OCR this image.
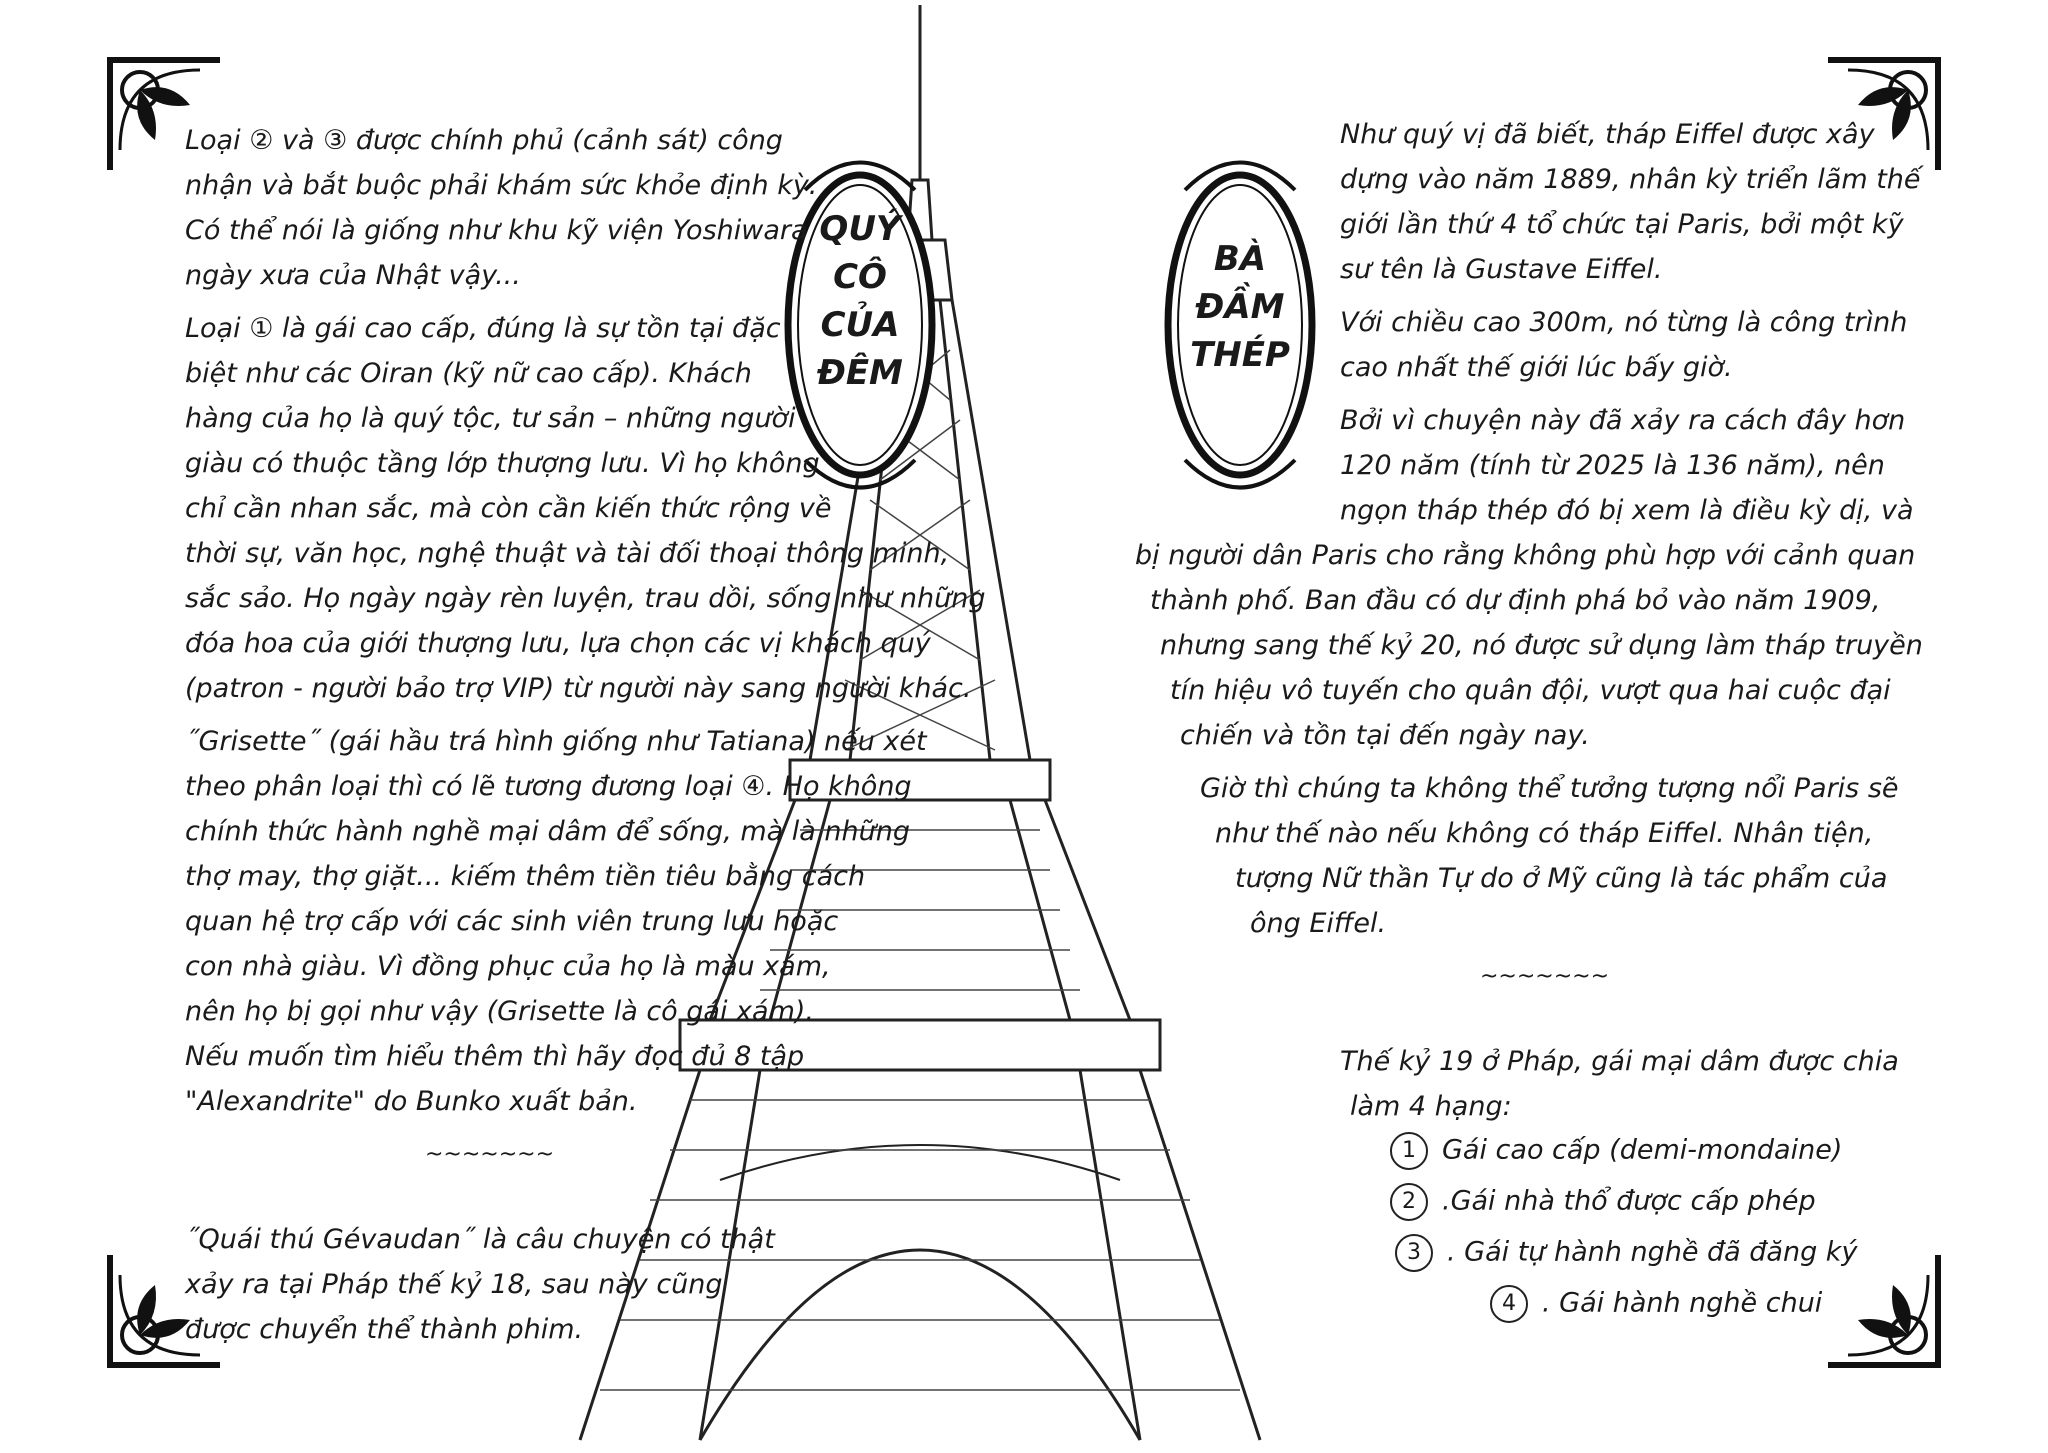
QUÝ
CÔ
CỦA
ĐÊM
BÀ
ĐẦM
THÉP

Loại ② và ③ được chính phủ (cảnh sát) công
nhận và bắt buộc phải khám sức khỏe định kỳ.
Có thể nói là giống như khu kỹ viện Yoshiwara
ngày xưa của Nhật vậy...

Loại ① là gái cao cấp, đúng là sự tồn tại đặc
biệt như các Oiran (kỹ nữ cao cấp). Khách
hàng của họ là quý tộc, tư sản – những người
giàu có thuộc tầng lớp thượng lưu. Vì họ không
chỉ cần nhan sắc, mà còn cần kiến thức rộng về
thời sự, văn học, nghệ thuật và tài đối thoại thông minh,
sắc sảo. Họ ngày ngày rèn luyện, trau dồi, sống như những
đóa hoa của giới thượng lưu, lựa chọn các vị khách quý
(patron - người bảo trợ VIP) từ người này sang người khác.

˝Grisette˝ (gái hầu trá hình giống như Tatiana) nếu xét
theo phân loại thì có lẽ tương đương loại ④. Họ không
chính thức hành nghề mại dâm để sống, mà là những
thợ may, thợ giặt... kiếm thêm tiền tiêu bằng cách
quan hệ trợ cấp với các sinh viên trung lưu hoặc
con nhà giàu. Vì đồng phục của họ là màu xám,
nên họ bị gọi như vậy (Grisette là cô gái xám).
Nếu muốn tìm hiểu thêm thì hãy đọc đủ 8 tập
"Alexandrite" do Bunko xuất bản.

~~~~~~~

˝Quái thú Gévaudan˝ là câu chuyện có thật
xảy ra tại Pháp thế kỷ 18, sau này cũng
được chuyển thể thành phim.

Như quý vị đã biết, tháp Eiffel được xây
dựng vào năm 1889, nhân kỳ triển lãm thế
giới lần thứ 4 tổ chức tại Paris, bởi một kỹ
sư tên là Gustave Eiffel.

Với chiều cao 300m, nó từng là công trình
cao nhất thế giới lúc bấy giờ.

Bởi vì chuyện này đã xảy ra cách đây hơn
120 năm (tính từ 2025 là 136 năm), nên
ngọn tháp thép đó bị xem là điều kỳ dị, và
bị người dân Paris cho rằng không phù hợp với cảnh quan
thành phố. Ban đầu có dự định phá bỏ vào năm 1909,
nhưng sang thế kỷ 20, nó được sử dụng làm tháp truyền
tín hiệu vô tuyến cho quân đội, vượt qua hai cuộc đại
chiến và tồn tại đến ngày nay.

Giờ thì chúng ta không thể tưởng tượng nổi Paris sẽ
như thế nào nếu không có tháp Eiffel. Nhân tiện,
tượng Nữ thần Tự do ở Mỹ cũng là tác phẩm của
ông Eiffel.

~~~~~~~

Thế kỷ 19 ở Pháp, gái mại dâm được chia
làm 4 hạng:

1 Gái cao cấp (demi-mondaine)
2 .Gái nhà thổ được cấp phép
3 . Gái tự hành nghề đã đăng ký
4 . Gái hành nghề chui
